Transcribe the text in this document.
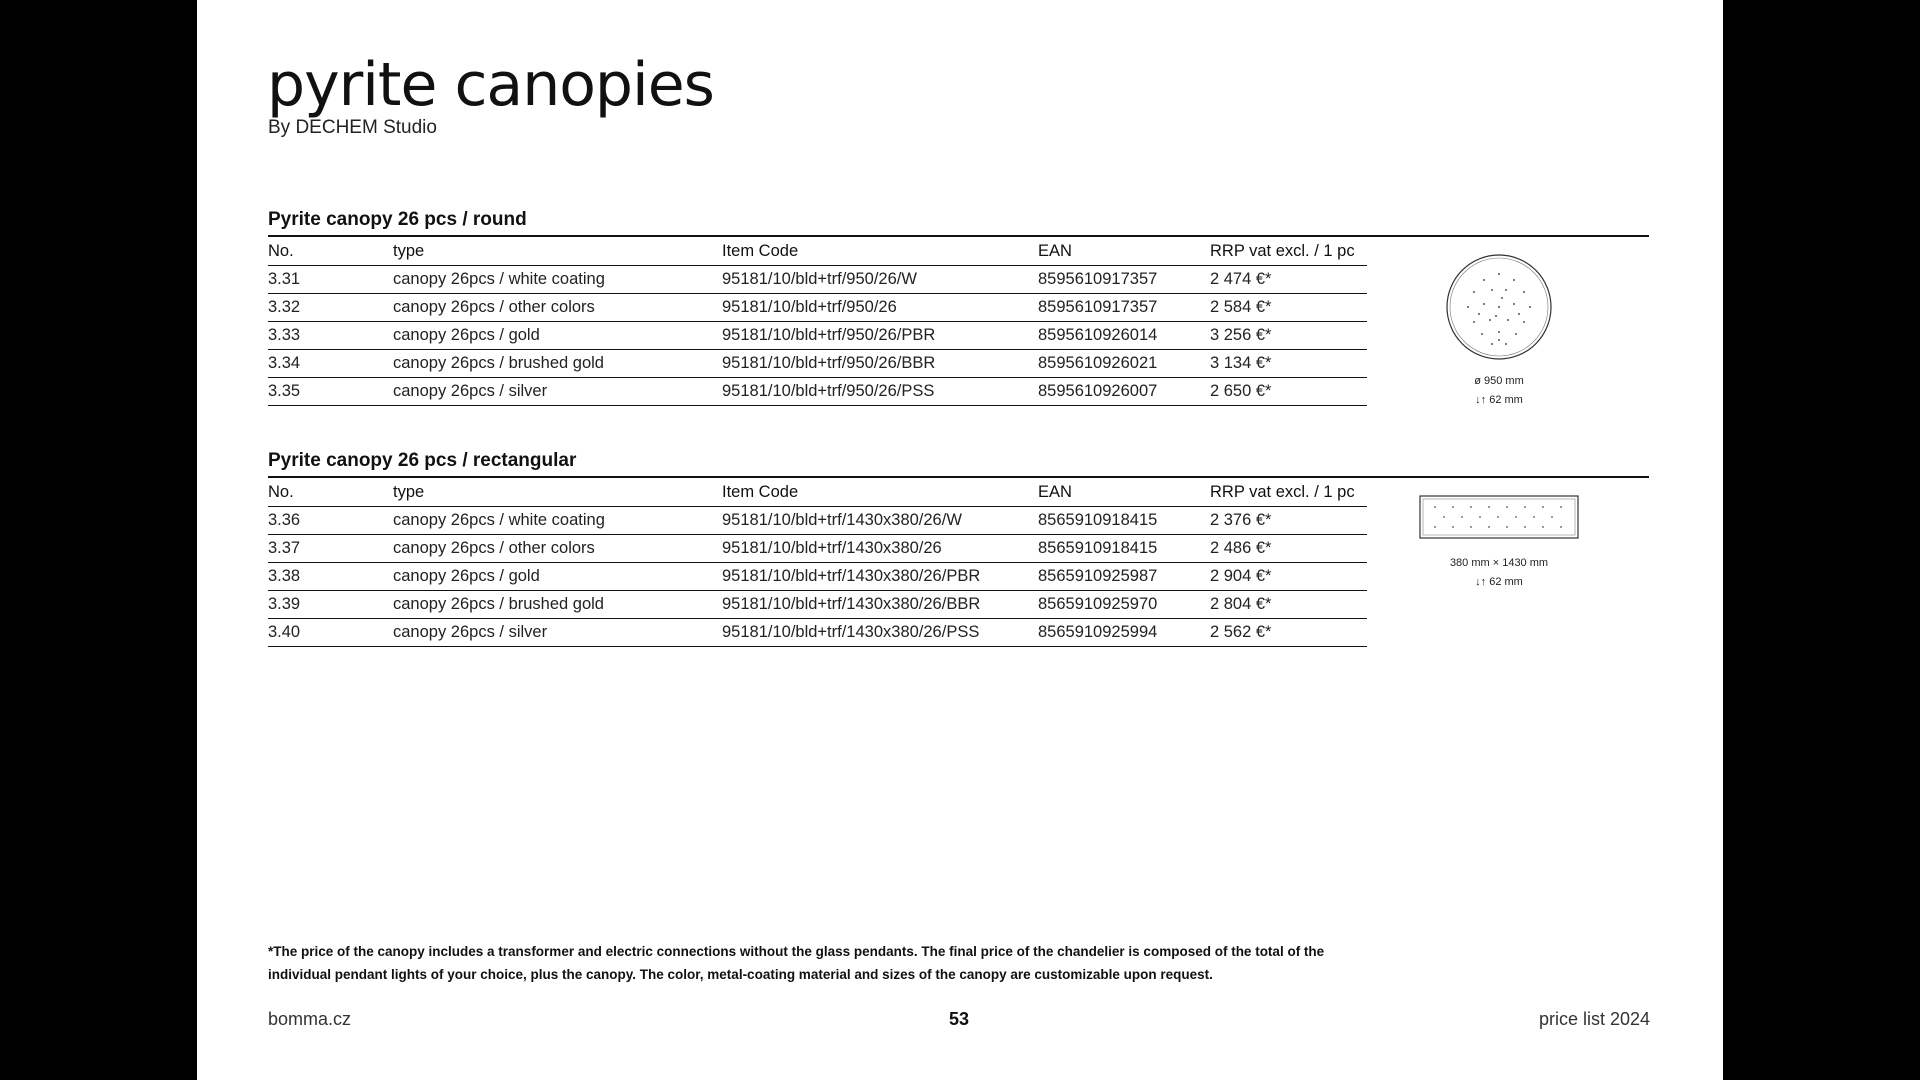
pyrite canopies
By DECHEM Studio
Pyrite canopy 26 pcs / round
No.	type	Item Code	EAN	RRP vat excl. / 1 pc
3.31	canopy 26pcs / white coating	95181/10/bld+trf/950/26/W	8595610917357	2 474 €*
3.32	canopy 26pcs / other colors	95181/10/bld+trf/950/26	8595610917357	2 584 €*
3.33	canopy 26pcs / gold	95181/10/bld+trf/950/26/PBR	8595610926014	3 256 €*
3.34	canopy 26pcs / brushed gold	95181/10/bld+trf/950/26/BBR	8595610926021	3 134 €*
3.35	canopy 26pcs / silver	95181/10/bld+trf/950/26/PSS	8595610926007	2 650 €*
ø 950 mm
↓↑ 62 mm
Pyrite canopy 26 pcs / rectangular
No.	type	Item Code	EAN	RRP vat excl. / 1 pc
3.36	canopy 26pcs / white coating	95181/10/bld+trf/1430x380/26/W	8565910918415	2 376 €*
3.37	canopy 26pcs / other colors	95181/10/bld+trf/1430x380/26	8565910918415	2 486 €*
3.38	canopy 26pcs / gold	95181/10/bld+trf/1430x380/26/PBR	8565910925987	2 904 €*
3.39	canopy 26pcs / brushed gold	95181/10/bld+trf/1430x380/26/BBR	8565910925970	2 804 €*
3.40	canopy 26pcs / silver	95181/10/bld+trf/1430x380/26/PSS	8565910925994	2 562 €*
380 mm × 1430 mm
↓↑ 62 mm
*The price of the canopy includes a transformer and electric connections without the glass pendants. The final price of the chandelier is composed of the total of the individual pendant lights of your choice, plus the canopy. The color, metal-coating material and sizes of the canopy are customizable upon request.
bomma.cz	53	price list 2024
